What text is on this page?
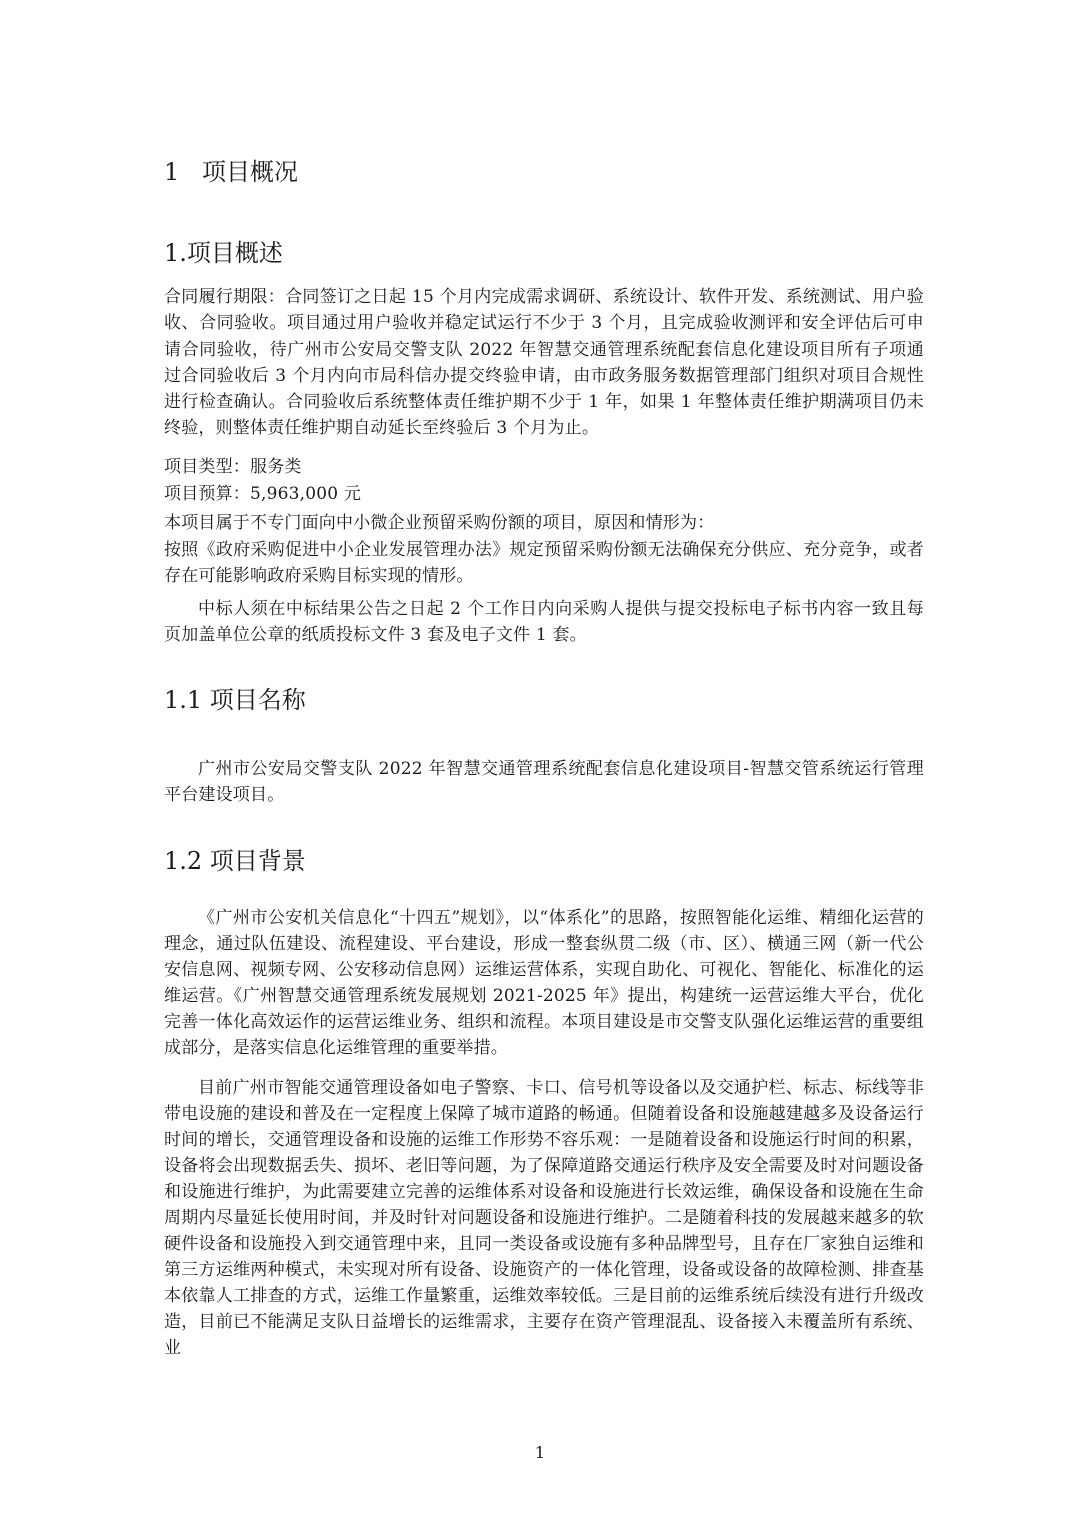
1 项目概况
1.项目概述

合同履行期限：合同签订之日起 15 个月内完成需求调研、系统设计、软件开发、系统测试、用户验收、合同验收。项目通过用户验收并稳定试运行不少于 3 个月，且完成验收测评和安全评估后可申请合同验收，待广州市公安局交警支队 2022 年智慧交通管理系统配套信息化建设项目所有子项通过合同验收后 3 个月内向市局科信办提交终验申请，由市政务服务数据管理部门组织对项目合规性进行检查确认。合同验收后系统整体责任维护期不少于 1 年，如果 1 年整体责任维护期满项目仍未终验，则整体责任维护期自动延长至终验后 3 个月为止。

项目类型：服务类

项目预算：5,963,000 元

本项目属于不专门面向中小微企业预留采购份额的项目，原因和情形为：

按照《政府采购促进中小企业发展管理办法》规定预留采购份额无法确保充分供应、充分竞争，或者存在可能影响政府采购目标实现的情形。

中标人须在中标结果公告之日起 2 个工作日内向采购人提供与提交投标电子标书内容一致且每页加盖单位公章的纸质投标文件 3 套及电子文件 1 套。

1.1 项目名称

广州市公安局交警支队 2022 年智慧交通管理系统配套信息化建设项目-智慧交管系统运行管理平台建设项目。

1.2 项目背景

《广州市公安机关信息化“十四五”规划》，以“体系化”的思路，按照智能化运维、精细化运营的理念，通过队伍建设、流程建设、平台建设，形成一整套纵贯二级（市、区）、横通三网（新一代公安信息网、视频专网、公安移动信息网）运维运营体系，实现自助化、可视化、智能化、标准化的运维运营。《广州智慧交通管理系统发展规划 2021-2025 年》提出，构建统一运营运维大平台，优化完善一体化高效运作的运营运维业务、组织和流程。本项目建设是市交警支队强化运维运营的重要组成部分，是落实信息化运维管理的重要举措。

目前广州市智能交通管理设备如电子警察、卡口、信号机等设备以及交通护栏、标志、标线等非带电设施的建设和普及在一定程度上保障了城市道路的畅通。但随着设备和设施越建越多及设备运行时间的增长，交通管理设备和设施的运维工作形势不容乐观：一是随着设备和设施运行时间的积累，设备将会出现数据丢失、损坏、老旧等问题，为了保障道路交通运行秩序及安全需要及时对问题设备和设施进行维护，为此需要建立完善的运维体系对设备和设施进行长效运维，确保设备和设施在生命周期内尽量延长使用时间，并及时针对问题设备和设施进行维护。二是随着科技的发展越来越多的软硬件设备和设施投入到交通管理中来，且同一类设备或设施有多种品牌型号，且存在厂家独自运维和第三方运维两种模式，未实现对所有设备、设施资产的一体化管理，设备或设备的故障检测、排查基本依靠人工排查的方式，运维工作量繁重，运维效率较低。三是目前的运维系统后续没有进行升级改造，目前已不能满足支队日益增长的运维需求，主要存在资产管理混乱、设备接入未覆盖所有系统、业

1
